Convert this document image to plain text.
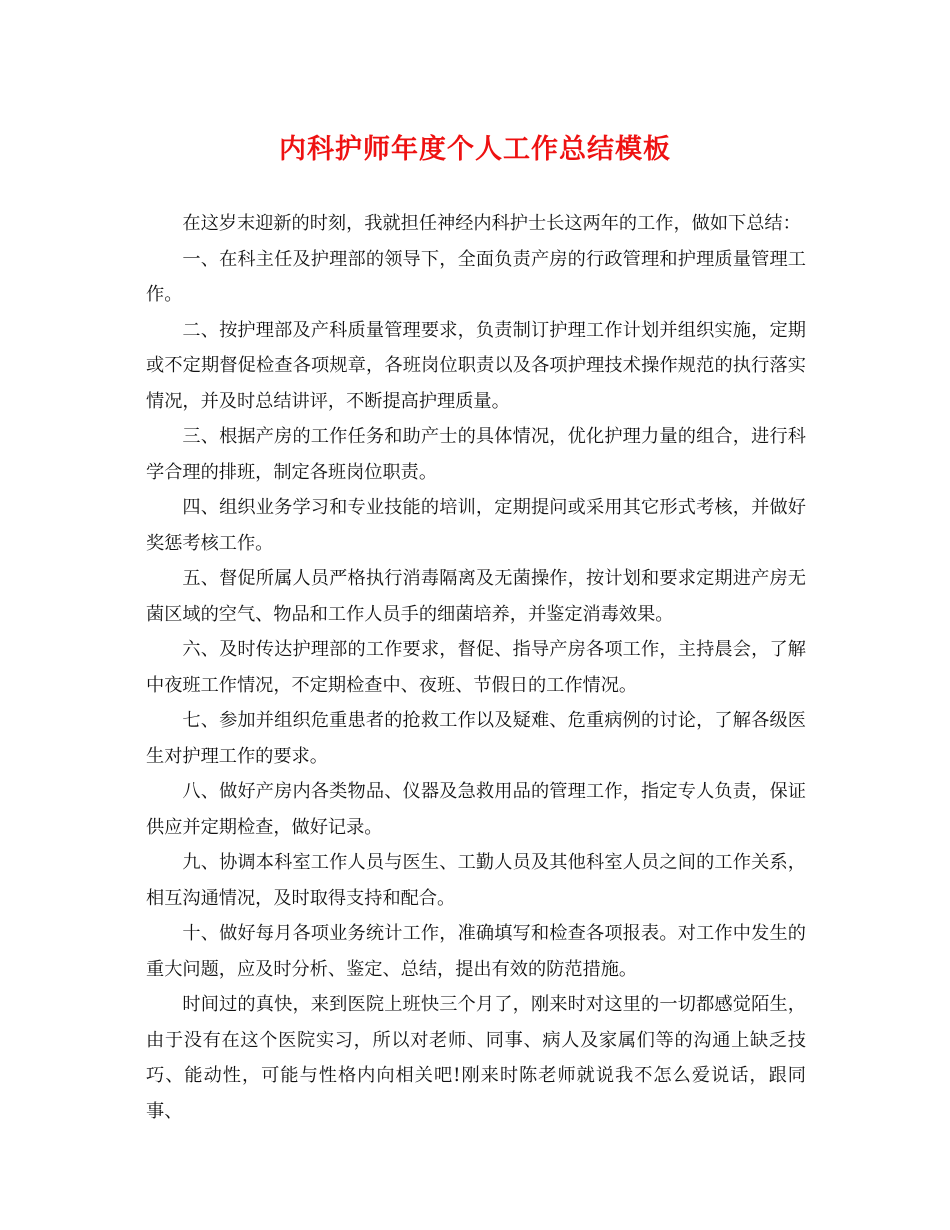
内科护师年度个人工作总结模板

在这岁末迎新的时刻，我就担任神经内科护士长这两年的工作，做如下总结：

一、在科主任及护理部的领导下，全面负责产房的行政管理和护理质量管理工作。

二、按护理部及产科质量管理要求，负责制订护理工作计划并组织实施，定期或不定期督促检查各项规章，各班岗位职责以及各项护理技术操作规范的执行落实情况，并及时总结讲评，不断提高护理质量。

三、根据产房的工作任务和助产士的具体情况，优化护理力量的组合，进行科学合理的排班，制定各班岗位职责。

四、组织业务学习和专业技能的培训，定期提问或采用其它形式考核，并做好奖惩考核工作。

五、督促所属人员严格执行消毒隔离及无菌操作，按计划和要求定期进产房无菌区域的空气、物品和工作人员手的细菌培养，并鉴定消毒效果。

六、及时传达护理部的工作要求，督促、指导产房各项工作，主持晨会，了解中夜班工作情况，不定期检查中、夜班、节假日的工作情况。

七、参加并组织危重患者的抢救工作以及疑难、危重病例的讨论，了解各级医生对护理工作的要求。

八、做好产房内各类物品、仪器及急救用品的管理工作，指定专人负责，保证供应并定期检查，做好记录。

九、协调本科室工作人员与医生、工勤人员及其他科室人员之间的工作关系，相互沟通情况，及时取得支持和配合。

十、做好每月各项业务统计工作，准确填写和检查各项报表。对工作中发生的重大问题，应及时分析、鉴定、总结，提出有效的防范措施。

时间过的真快，来到医院上班快三个月了，刚来时对这里的一切都感觉陌生，由于没有在这个医院实习，所以对老师、同事、病人及家属们等的沟通上缺乏技巧、能动性，可能与性格内向相关吧!刚来时陈老师就说我不怎么爱说话，跟同事、
